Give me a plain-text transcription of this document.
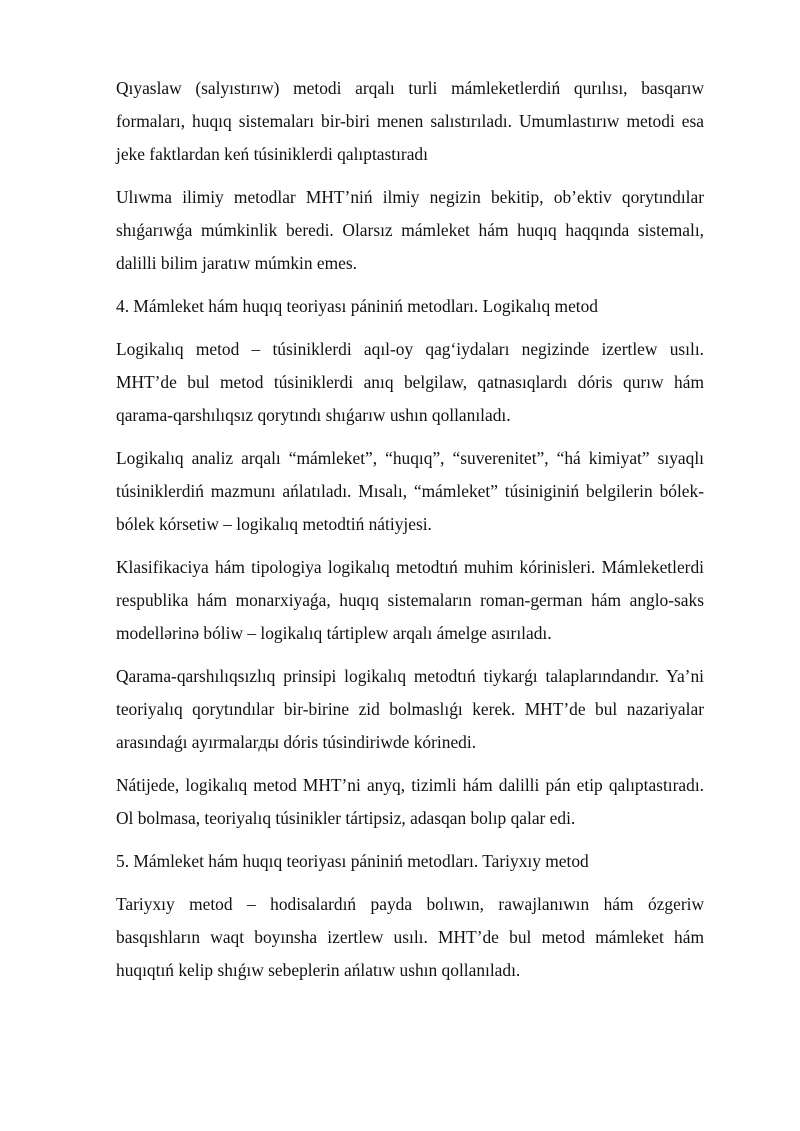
Qıyaslaw (salyıstırıw) metodi arqalı turli mámleketlerdiń qurılısı, basqarıw formaları, huqıq sistemaları bir-biri menen salıstırıladı. Umumlastırıw metodi esa jeke faktlardan keń túsiniklerdi qalıptastıradı

Ulıwma ilimiy metodlar MHT’niń ilmiy negizin bekitip, ob’ektiv qorytındılar shıǵarıwǵa múmkinlik beredi. Olarsız mámleket hám huqıq haqqında sistemalı, dalilli bilim jaratıw múmkin emes.

4. Mámleket hám huqıq teoriyası pániniń metodları. Logikalıq metod

Logikalıq metod – túsiniklerdi aqıl-oy qag‘iydaları negizinde izertlew usılı. MHT’de bul metod túsiniklerdi anıq belgilaw, qatnasıqlardı dóris qurıw hám qarama-qarshılıqsız qorytındı shıǵarıw ushın qollanıladı.

Logikalıq analiz arqalı “mámleket”, “huqıq”, “suverenitet”, “há kimiyat” sıyaqlı túsiniklerdiń mazmunı ańlatıladı. Mısalı, “mámleket” túsiniginiń belgilerin bólek-bólek kórsetiw – logikalıq metodtiń nátiyjesi.

Klasifikaciya hám tipologiya logikalıq metodtıń muhim kórinisleri. Mámleketlerdi respublika hám monarxiyaǵa, huqıq sistemaların roman-german hám anglo-saks modellərinə bóliw – logikalıq tártiplew arqalı ámelge asırıladı.

Qarama-qarshılıqsızlıq prinsipi logikalıq metodtıń tiykarǵı talaplarındandır. Ya’ni teoriyalıq qorytındılar bir-birine zid bolmaslıǵı kerek. MHT’de bul nazariyalar arasındaǵı ayırmalarды dóris túsindiriwde kórinedi.

Nátijede, logikalıq metod MHT’ni anyq, tizimli hám dalilli pán etip qalıptastıradı. Ol bolmasa, teoriyalıq túsinikler tártipsiz, adasqan bolıp qalar edi.

5. Mámleket hám huqıq teoriyası pániniń metodları. Tariyxıy metod

Tariyxıy metod – hodisalardıń payda bolıwın, rawajlanıwın hám ózgeriw basqıshların waqt boyınsha izertlew usılı. MHT’de bul metod mámleket hám huqıqtıń kelip shıǵıw sebeplerin ańlatıw ushın qollanıladı.
